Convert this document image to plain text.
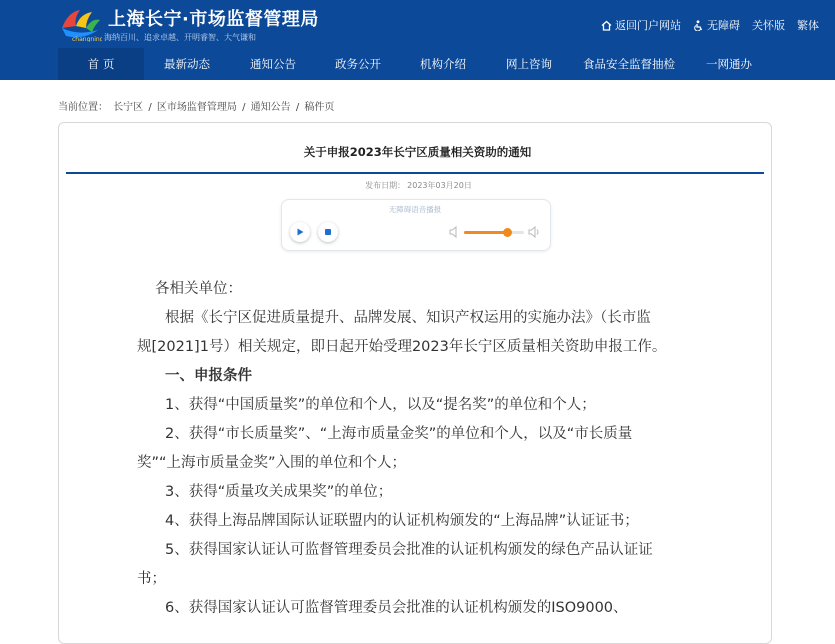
changning
上海长宁·市场监督管理局
海纳百川、追求卓越、开明睿智、大气谦和
返回门户网站 无障碍 关怀版 繁体
首 页	最新动态	通知公告	政务公开	机构介绍	网上咨询	食品安全监督抽检	一网通办
当前位置： 长宁区 / 区市场监督管理局 / 通知公告 / 稿件页
关于申报2023年长宁区质量相关资助的通知
发布日期： 2023年03月20日
无障碍语音播报
各相关单位：
根据《长宁区促进质量提升、品牌发展、知识产权运用的实施办法》（长市监
规[2021]1号）相关规定，即日起开始受理2023年长宁区质量相关资助申报工作。
一、申报条件
1、获得“中国质量奖”的单位和个人，以及“提名奖”的单位和个人；
2、获得“市长质量奖”、“上海市质量金奖”的单位和个人，以及“市长质量
奖”“上海市质量金奖”入围的单位和个人；
3、获得“质量攻关成果奖”的单位；
4、获得上海品牌国际认证联盟内的认证机构颁发的“上海品牌”认证证书；
5、获得国家认证认可监督管理委员会批准的认证机构颁发的绿色产品认证证
书；
6、获得国家认证认可监督管理委员会批准的认证机构颁发的ISO9000、
